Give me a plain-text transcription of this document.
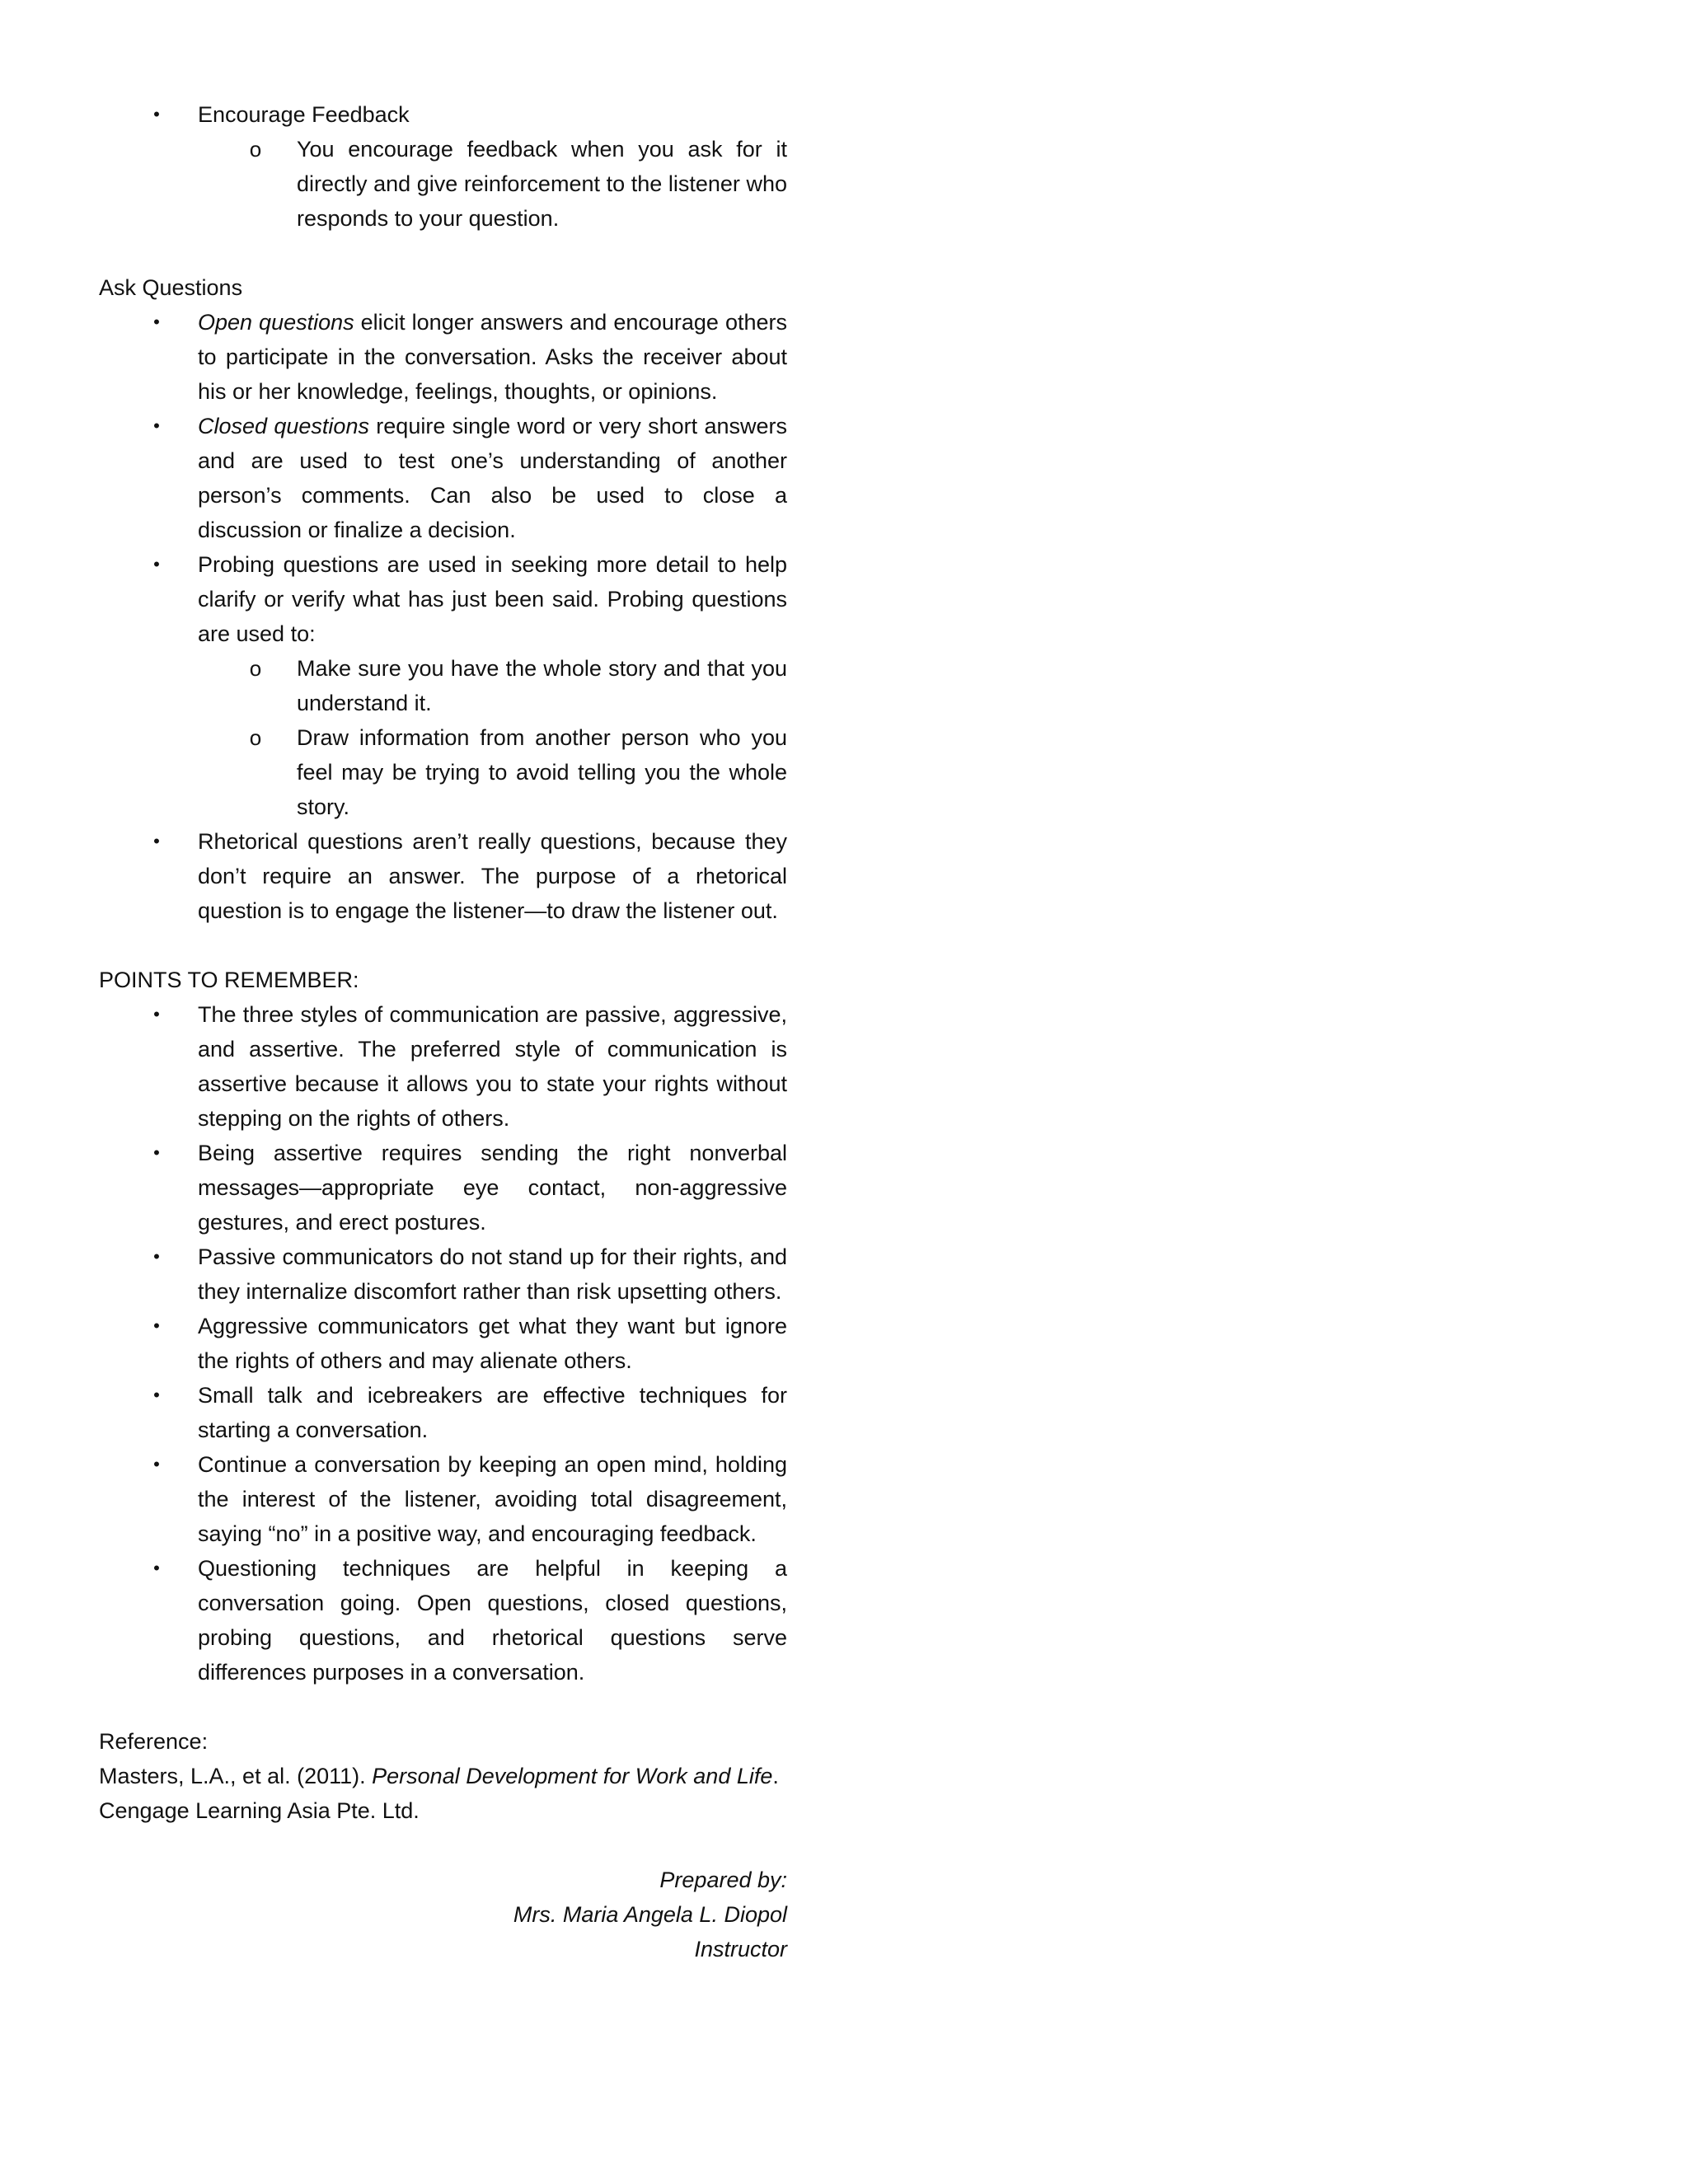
• Encourage Feedback
o You encourage feedback when you ask for it directly and give reinforcement to the listener who responds to your question.

Ask Questions

• Open questions elicit longer answers and encourage others to participate in the conversation. Asks the receiver about his or her knowledge, feelings, thoughts, or opinions.
• Closed questions require single word or very short answers and are used to test one’s understanding of another person’s comments. Can also be used to close a discussion or finalize a decision.
• Probing questions are used in seeking more detail to help clarify or verify what has just been said. Probing questions are used to:
o Make sure you have the whole story and that you understand it.
o Draw information from another person who you feel may be trying to avoid telling you the whole story.
• Rhetorical questions aren’t really questions, because they don’t require an answer. The purpose of a rhetorical question is to engage the listener—to draw the listener out.

POINTS TO REMEMBER:

• The three styles of communication are passive, aggressive, and assertive. The preferred style of communication is assertive because it allows you to state your rights without stepping on the rights of others.
• Being assertive requires sending the right nonverbal messages—appropriate eye contact, non-aggressive gestures, and erect postures.
• Passive communicators do not stand up for their rights, and they internalize discomfort rather than risk upsetting others.
• Aggressive communicators get what they want but ignore the rights of others and may alienate others.
• Small talk and icebreakers are effective techniques for starting a conversation.
• Continue a conversation by keeping an open mind, holding the interest of the listener, avoiding total disagreement, saying “no” in a positive way, and encouraging feedback.
• Questioning techniques are helpful in keeping a conversation going. Open questions, closed questions, probing questions, and rhetorical questions serve differences purposes in a conversation.

Reference:

Masters, L.A., et al. (2011). Personal Development for Work and Life.

Cengage Learning Asia Pte. Ltd.

Prepared by:

Mrs. Maria Angela L. Diopol

Instructor
